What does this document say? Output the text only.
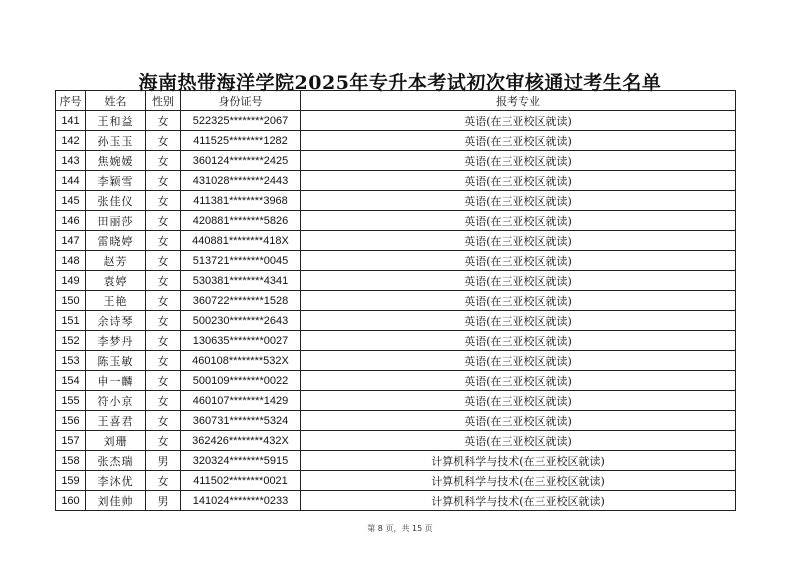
海南热带海洋学院2025年专升本考试初次审核通过考生名单
序号	姓名	性别	身份证号	报考专业
141	王和益	女	522325********2067	英语(在三亚校区就读)
142	孙玉玉	女	411525********1282	英语(在三亚校区就读)
143	焦婉媛	女	360124********2425	英语(在三亚校区就读)
144	李颖雪	女	431028********2443	英语(在三亚校区就读)
145	张佳仪	女	411381********3968	英语(在三亚校区就读)
146	田丽莎	女	420881********5826	英语(在三亚校区就读)
147	雷晓婷	女	440881********418X	英语(在三亚校区就读)
148	赵芳	女	513721********0045	英语(在三亚校区就读)
149	袁婷	女	530381********4341	英语(在三亚校区就读)
150	王艳	女	360722********1528	英语(在三亚校区就读)
151	余诗琴	女	500230********2643	英语(在三亚校区就读)
152	李梦丹	女	130635********0027	英语(在三亚校区就读)
153	陈玉敏	女	460108********532X	英语(在三亚校区就读)
154	申一麟	女	500109********0022	英语(在三亚校区就读)
155	符小京	女	460107********1429	英语(在三亚校区就读)
156	王喜君	女	360731********5324	英语(在三亚校区就读)
157	刘珊	女	362426********432X	英语(在三亚校区就读)
158	张杰瑞	男	320324********5915	计算机科学与技术(在三亚校区就读)
159	李沐优	女	411502********0021	计算机科学与技术(在三亚校区就读)
160	刘佳帅	男	141024********0233	计算机科学与技术(在三亚校区就读)
第 8 页，共 15 页
